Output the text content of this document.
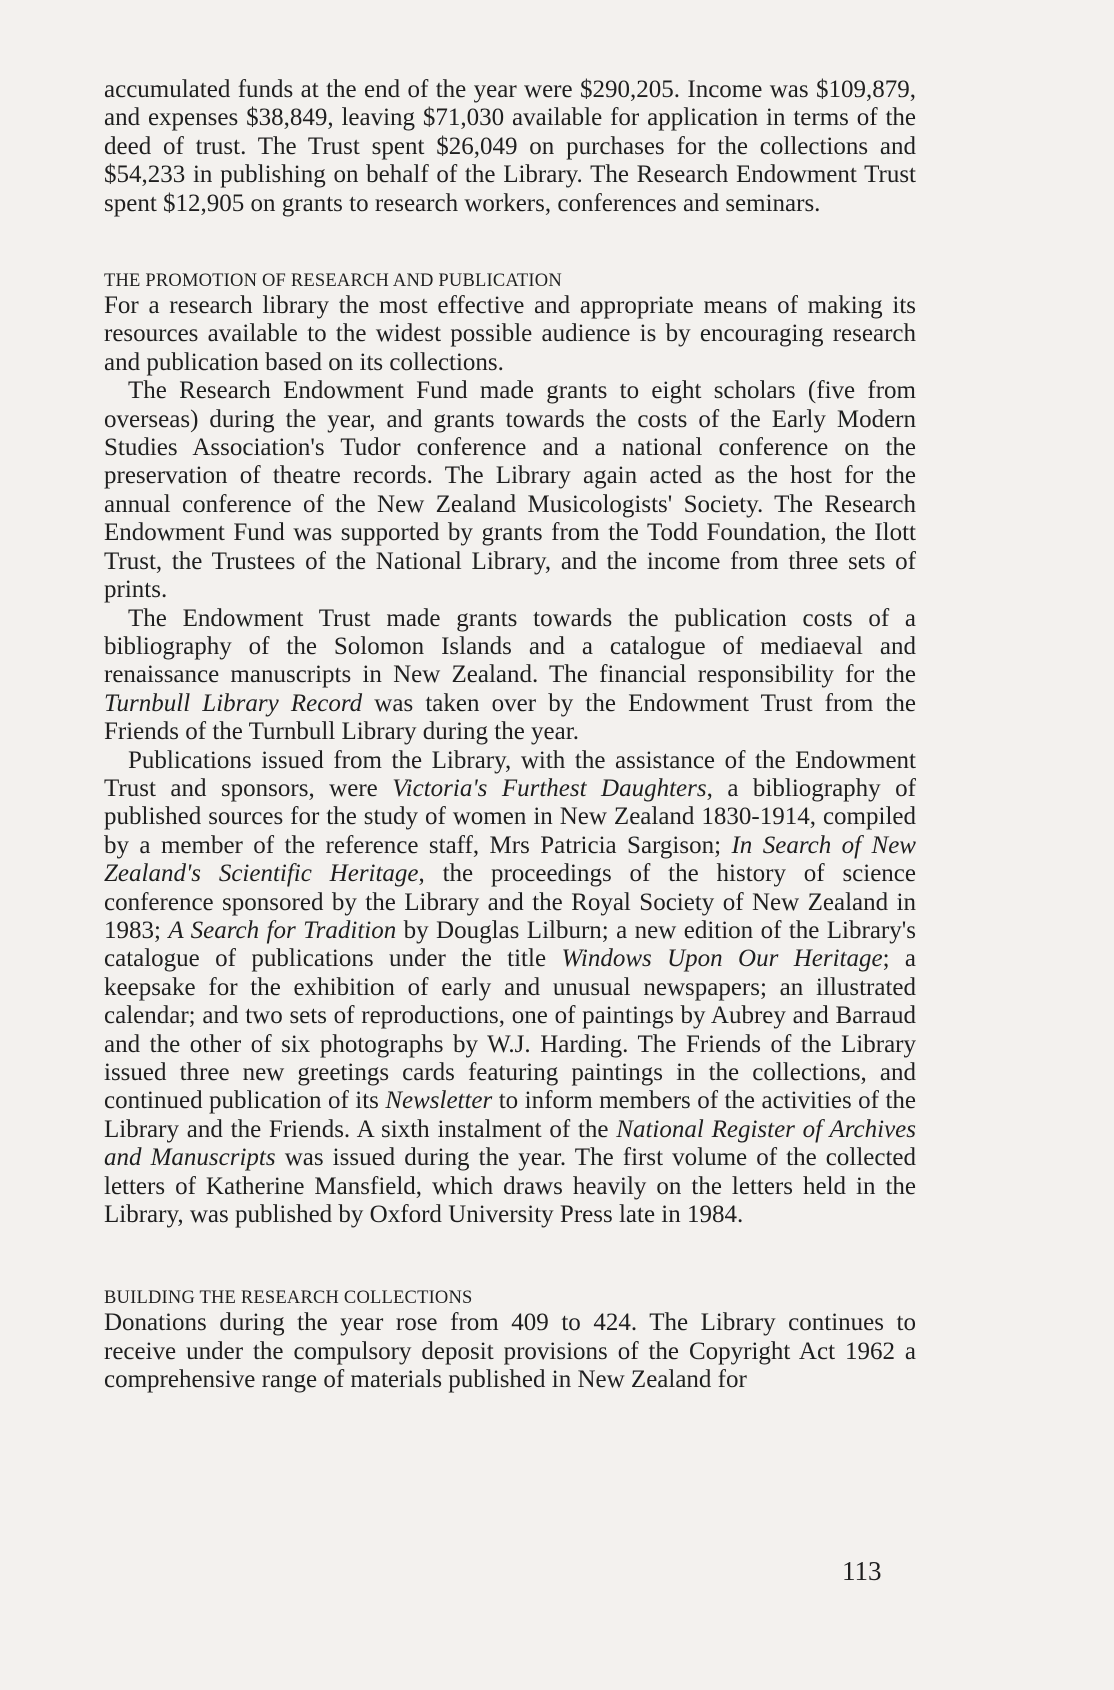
accumulated funds at the end of the year were $290,205. Income was $109,879, and expenses $38,849, leaving $71,030 available for application in terms of the deed of trust. The Trust spent $26,049 on purchases for the collections and $54,233 in publishing on behalf of the Library. The Research Endowment Trust spent $12,905 on grants to research workers, conferences and seminars.

THE PROMOTION OF RESEARCH AND PUBLICATION

For a research library the most effective and appropriate means of making its resources available to the widest possible audience is by encouraging research and publication based on its collections.

The Research Endowment Fund made grants to eight scholars (five from overseas) during the year, and grants towards the costs of the Early Modern Studies Association's Tudor conference and a national conference on the preservation of theatre records. The Library again acted as the host for the annual conference of the New Zealand Musicologists' Society. The Research Endowment Fund was supported by grants from the Todd Foundation, the Ilott Trust, the Trustees of the National Library, and the income from three sets of prints.

The Endowment Trust made grants towards the publication costs of a bibliography of the Solomon Islands and a catalogue of mediaeval and renaissance manuscripts in New Zealand. The financial responsibility for the Turnbull Library Record was taken over by the Endowment Trust from the Friends of the Turnbull Library during the year.

Publications issued from the Library, with the assistance of the Endowment Trust and sponsors, were Victoria's Furthest Daughters, a bibliography of published sources for the study of women in New Zealand 1830-1914, compiled by a member of the reference staff, Mrs Patricia Sargison; In Search of New Zealand's Scientific Heritage, the proceedings of the history of science conference sponsored by the Library and the Royal Society of New Zealand in 1983; A Search for Tradition by Douglas Lilburn; a new edition of the Library's catalogue of publications under the title Windows Upon Our Heritage; a keepsake for the exhibition of early and unusual newspapers; an illustrated calendar; and two sets of reproductions, one of paintings by Aubrey and Barraud and the other of six photographs by W.J. Harding. The Friends of the Library issued three new greetings cards featuring paintings in the collections, and continued publication of its Newsletter to inform members of the activities of the Library and the Friends. A sixth instalment of the National Register of Archives and Manuscripts was issued during the year. The first volume of the collected letters of Katherine Mansfield, which draws heavily on the letters held in the Library, was published by Oxford University Press late in 1984.

BUILDING THE RESEARCH COLLECTIONS

Donations during the year rose from 409 to 424. The Library continues to receive under the compulsory deposit provisions of the Copyright Act 1962 a comprehensive range of materials published in New Zealand for

113
